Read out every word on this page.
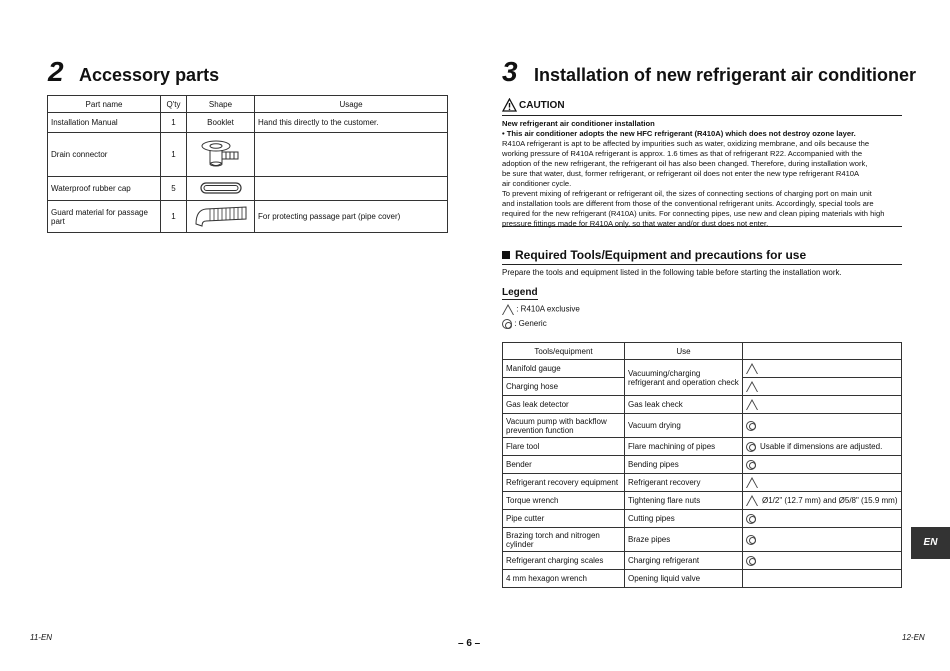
2 Accessory parts
Part name	Q'ty	Shape	Usage
Installation Manual	1	Booklet	Hand this directly to the customer.
Drain connector	1		
Waterproof rubber cap	5		
Guard material for passage part	1		For protecting passage part (pipe cover)
3 Installation of new refrigerant air conditioner
CAUTION
New refrigerant air conditioner installation
• This air conditioner adopts the new HFC refrigerant (R410A) which does not destroy ozone layer.
R410A refrigerant is apt to be affected by impurities such as water, oxidizing membrane, and oils because the
working pressure of R410A refrigerant is approx. 1.6 times as that of refrigerant R22. Accompanied with the
adoption of the new refrigerant, the refrigerant oil has also been changed. Therefore, during installation work,
be sure that water, dust, former refrigerant, or refrigerant oil does not enter the new type refrigerant R410A
air conditioner cycle.
To prevent mixing of refrigerant or refrigerant oil, the sizes of connecting sections of charging port on main unit
and installation tools are different from those of the conventional refrigerant units. Accordingly, special tools are
required for the new refrigerant (R410A) units. For connecting pipes, use new and clean piping materials with high
pressure fittings made for R410A only, so that water and/or dust does not enter.
Required Tools/Equipment and precautions for use
Prepare the tools and equipment listed in the following table before starting the installation work.
Legend
: R410A exclusive
: Generic
Tools/equipment	Use	
Manifold gauge	Vacuuming/charging refrigerant and operation check	
Charging hose		
Gas leak detector	Gas leak check	
Vacuum pump with backflow prevention function	Vacuum drying	
Flare tool	Flare machining of pipes	Usable if dimensions are adjusted.
Bender	Bending pipes	
Refrigerant recovery equipment	Refrigerant recovery	
Torque wrench	Tightening flare nuts	Ø1/2" (12.7 mm) and Ø5/8" (15.9 mm)
Pipe cutter	Cutting pipes	
Brazing torch and nitrogen cylinder	Braze pipes	
Refrigerant charging scales	Charging refrigerant	
4 mm hexagon wrench	Opening liquid valve	
EN
11-EN
– 6 –
12-EN
